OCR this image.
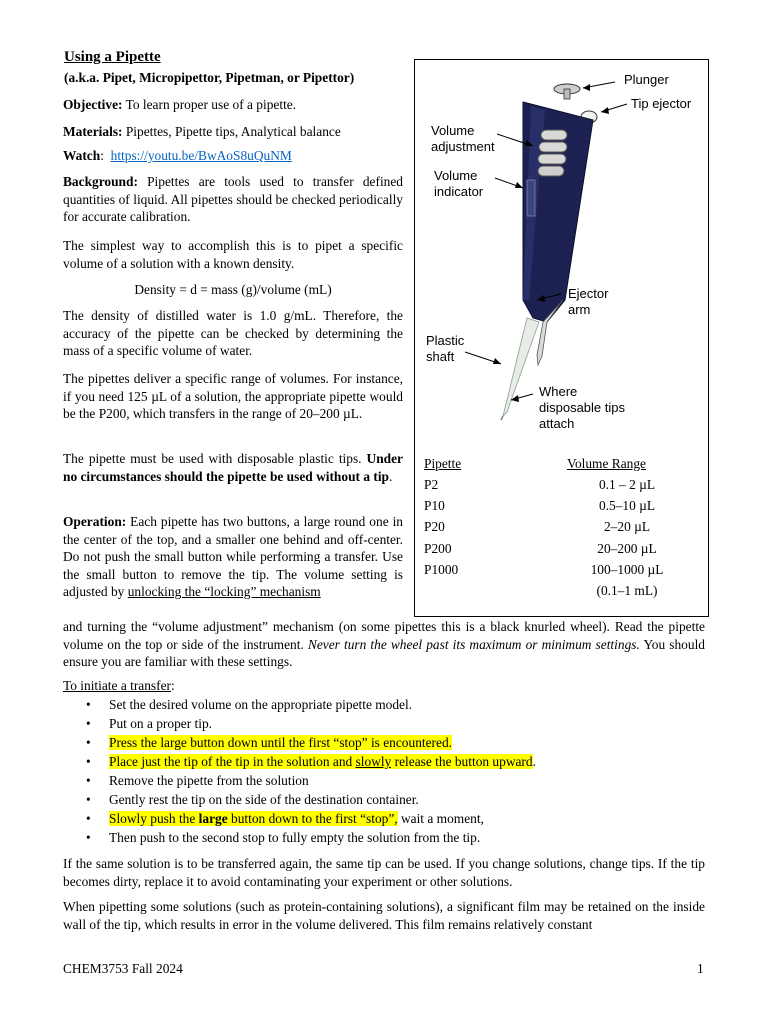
Using a Pipette
(a.k.a. Pipet, Micropipettor, Pipetman, or Pipettor)

Objective: To learn proper use of a pipette.

Materials: Pipettes, Pipette tips, Analytical balance

Watch:  https://youtu.be/BwAoS8uQuNM

Background: Pipettes are tools used to transfer defined quantities of liquid. All pipettes should be checked periodically for accurate calibration.

The simplest way to accomplish this is to pipet a specific volume of a solution with a known density.

Density = d = mass (g)/volume (mL)

The density of distilled water is 1.0 g/mL. Therefore, the accuracy of the pipette can be checked by determining the mass of a specific volume of water.

The pipettes deliver a specific range of volumes. For instance, if you need 125 µL of a solution, the appropriate pipette would be the P200, which transfers in the range of 20–200 µL.

The pipette must be used with disposable plastic tips. Under no circumstances should the pipette be used without a tip.

Operation: Each pipette has two buttons, a large round one in the center of the top, and a smaller one behind and off-center. Do not push the small button while performing a transfer. Use the small button to remove the tip. The volume setting is adjusted by unlocking the “locking” mechanism

and turning the “volume adjustment” mechanism (on some pipettes this is a black knurled wheel). Read the pipette volume on the top or side of the instrument. Never turn the wheel past its maximum or minimum settings. You should ensure you are familiar with these settings.

Plunger
Tip ejector
Volume
adjustment
Volume
indicator
Ejector
arm
Plastic
shaft
Where
disposable tips
attach
Pipette	Volume Range
P2	0.1 – 2 µL
P10	0.5–10 µL
P20	2–20 µL
P200	20–200 µL
P1000	100–1000 µL
(0.1–1 mL)

To initiate a transfer:

• Set the desired volume on the appropriate pipette model.
• Put on a proper tip.
• Press the large button down until the first “stop” is encountered.
• Place just the tip of the tip in the solution and slowly release the button upward.
• Remove the pipette from the solution
• Gently rest the tip on the side of the destination container.
• Slowly push the large button down to the first “stop”, wait a moment,
• Then push to the second stop to fully empty the solution from the tip.

If the same solution is to be transferred again, the same tip can be used. If you change solutions, change tips. If the tip becomes dirty, replace it to avoid contaminating your experiment or other solutions.

When pipetting some solutions (such as protein-containing solutions), a significant film may be retained on the inside wall of the tip, which results in error in the volume delivered. This film remains relatively constant

CHEM3753 Fall 2024	1
